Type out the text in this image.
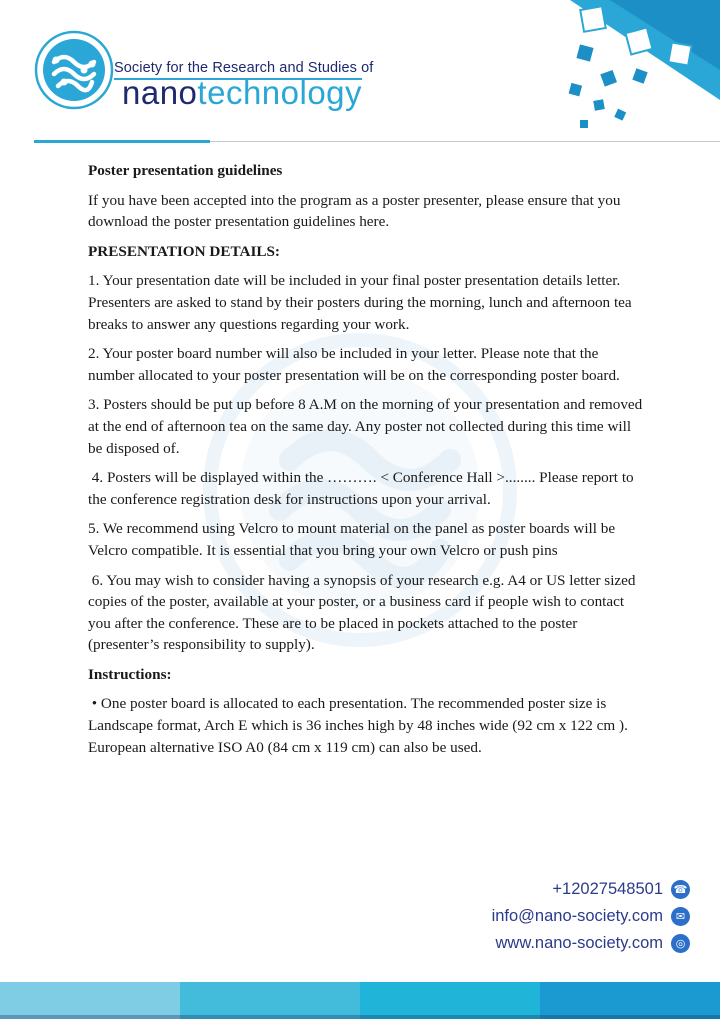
Society for the Research and Studies of
nanotechnology

Poster presentation guidelines

If you have been accepted into the program as a poster presenter, please ensure that you download the poster presentation guidelines here.

PRESENTATION DETAILS:

1. Your presentation date will be included in your final poster presentation details letter. Presenters are asked to stand by their posters during the morning, lunch and afternoon tea breaks to answer any questions regarding your work.

2. Your poster board number will also be included in your letter. Please note that the number allocated to your poster presentation will be on the corresponding poster board.

3. Posters should be put up before 8 A.M on the morning of your presentation and removed at the end of afternoon tea on the same day. Any poster not collected during this time will be disposed of.

4. Posters will be displayed within the ………. < Conference Hall >........ Please report to the conference registration desk for instructions upon your arrival.

5. We recommend using Velcro to mount material on the panel as poster boards will be Velcro compatible. It is essential that you bring your own Velcro or push pins

6. You may wish to consider having a synopsis of your research e.g. A4 or US letter sized copies of the poster, available at your poster, or a business card if people wish to contact you after the conference. These are to be placed in pockets attached to the poster (presenter’s responsibility to supply).

Instructions:

• One poster board is allocated to each presentation. The recommended poster size is Landscape format, Arch E which is 36 inches high by 48 inches wide (92 cm x 122 cm ). European alternative ISO A0 (84 cm x 119 cm) can also be used.

+12027548501 ☎
info@nano-society.com	✉
www.nano-society.com	◎
